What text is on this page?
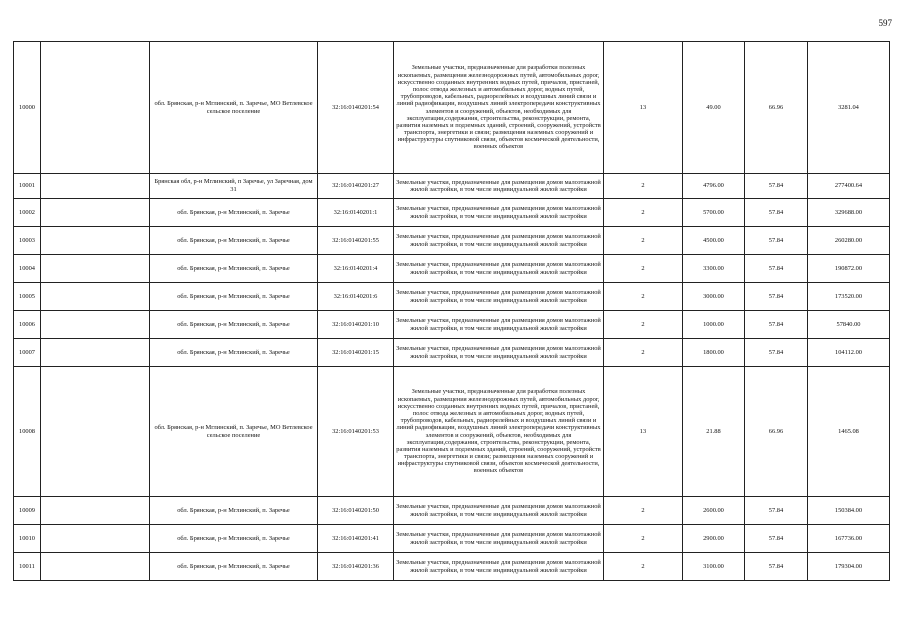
597
10000		обл. Брянская, р-н Мглинский, п. Заречье, МО Ветлевское сельское поселение	32:16:0140201:54	Земельные участки, предназначенные для разработки полезных ископаемых, размещения железнодорожных путей, автомобильных дорог, искусственно созданных внутренних водных путей, причалов, пристаней, полос отвода железных и автомобильных дорог, водных путей, трубопроводов, кабельных, радиорелейных и воздушных линий связи и линий радиофикации, воздушных линий электропередачи конструктивных элементов и сооружений, объектов, необходимых для эксплуатации,содержания, строительства, реконструкции, ремонта, развития наземных и подземных зданий, строений, сооружений, устройств транспорта, энергетики и связи; размещения наземных сооружений и инфраструктуры спутниковой связи, объектов космической деятельности, военных объектов	13	49.00	66.96	3281.04
10001		Брянская обл, р-н Мглинский, п Заречье, ул Заречная, дом 31	32:16:0140201:27	Земельные участки, предназначенные для размещения домов малоэтажной жилой застройки, в том числе индивидуальной жилой застройки	2	4796.00	57.84	277400.64
10002		обл. Брянская, р-н Мглинский, п. Заречье	32:16:0140201:1	Земельные участки, предназначенные для размещения домов малоэтажной жилой застройки, в том числе индивидуальной жилой застройки	2	5700.00	57.84	329688.00
10003		обл. Брянская, р-н Мглинский, п. Заречье	32:16:0140201:55	Земельные участки, предназначенные для размещения домов малоэтажной жилой застройки, в том числе индивидуальной жилой застройки	2	4500.00	57.84	260280.00
10004		обл. Брянская, р-н Мглинский, п. Заречье	32:16:0140201:4	Земельные участки, предназначенные для размещения домов малоэтажной жилой застройки, в том числе индивидуальной жилой застройки	2	3300.00	57.84	190872.00
10005		обл. Брянская, р-н Мглинский, п. Заречье	32:16:0140201:6	Земельные участки, предназначенные для размещения домов малоэтажной жилой застройки, в том числе индивидуальной жилой застройки	2	3000.00	57.84	173520.00
10006		обл. Брянская, р-н Мглинский, п. Заречье	32:16:0140201:10	Земельные участки, предназначенные для размещения домов малоэтажной жилой застройки, в том числе индивидуальной жилой застройки	2	1000.00	57.84	57840.00
10007		обл. Брянская, р-н Мглинский, п. Заречье	32:16:0140201:15	Земельные участки, предназначенные для размещения домов малоэтажной жилой застройки, в том числе индивидуальной жилой застройки	2	1800.00	57.84	104112.00
10008		обл. Брянская, р-н Мглинский, п. Заречье, МО Ветлевское сельское поселение	32:16:0140201:53	Земельные участки, предназначенные для разработки полезных ископаемых, размещения железнодорожных путей, автомобильных дорог, искусственно созданных внутренних водных путей, причалов, пристаней, полос отвода железных и автомобильных дорог, водных путей, трубопроводов, кабельных, радиорелейных и воздушных линий связи и линий радиофикации, воздушных линий электропередачи конструктивных элементов и сооружений, объектов, необходимых для эксплуатации,содержания, строительства, реконструкции, ремонта, развития наземных и подземных зданий, строений, сооружений, устройств транспорта, энергетики и связи; размещения наземных сооружений и инфраструктуры спутниковой связи, объектов космической деятельности, военных объектов	13	21.88	66.96	1465.08
10009		обл. Брянская, р-н Мглинский, п. Заречье	32:16:0140201:50	Земельные участки, предназначенные для размещения домов малоэтажной жилой застройки, в том числе индивидуальной жилой застройки	2	2600.00	57.84	150384.00
10010		обл. Брянская, р-н Мглинский, п. Заречье	32:16:0140201:41	Земельные участки, предназначенные для размещения домов малоэтажной жилой застройки, в том числе индивидуальной жилой застройки	2	2900.00	57.84	167736.00
10011		обл. Брянская, р-н Мглинский, п. Заречье	32:16:0140201:36	Земельные участки, предназначенные для размещения домов малоэтажной жилой застройки, в том числе индивидуальной жилой застройки	2	3100.00	57.84	179304.00
